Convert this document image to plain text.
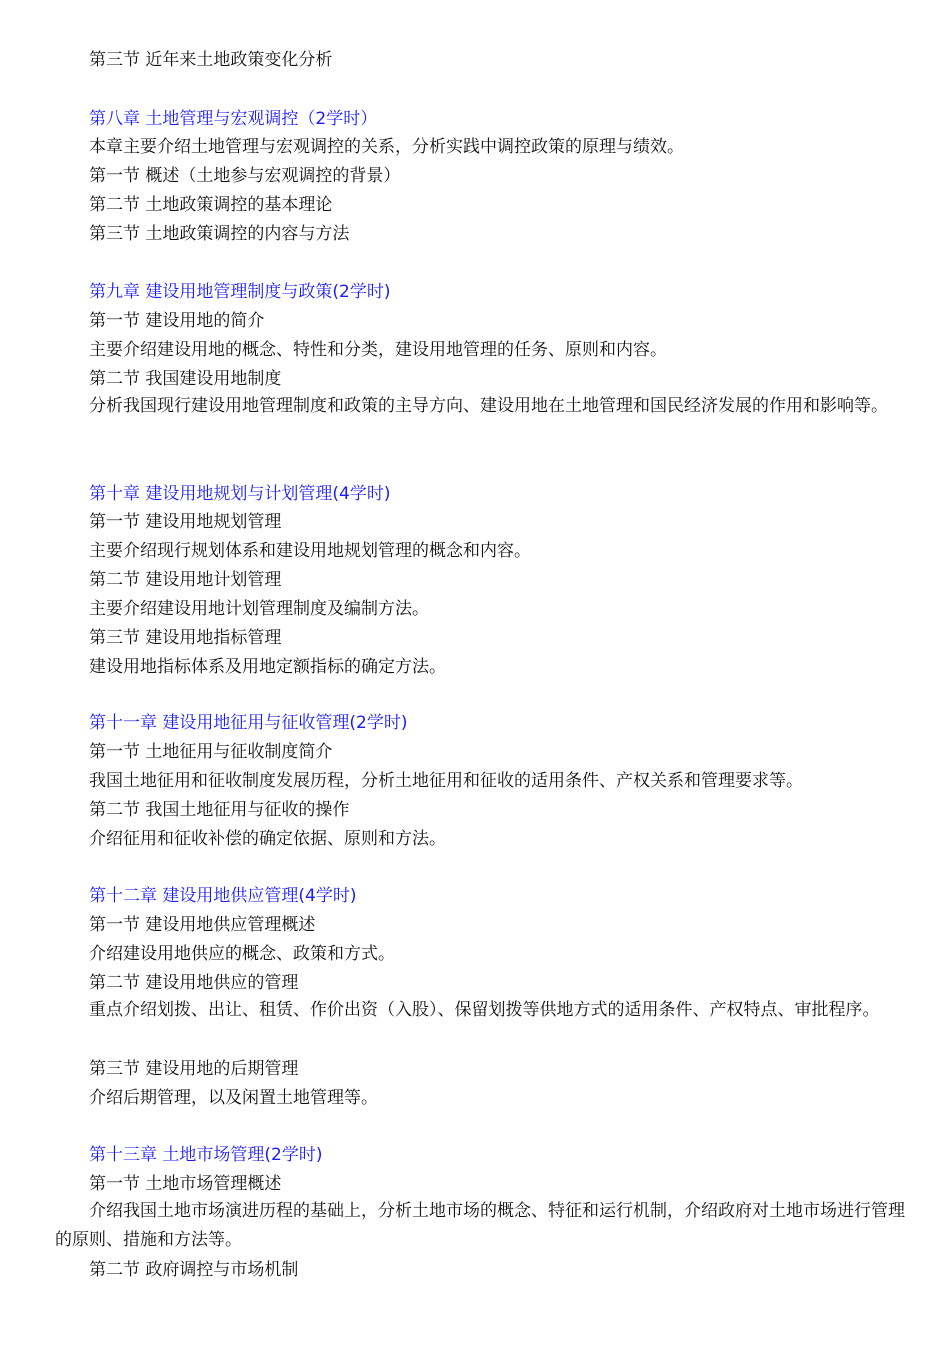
第三节 近年来土地政策变化分析
第八章 土地管理与宏观调控（2学时）
本章主要介绍土地管理与宏观调控的关系，分析实践中调控政策的原理与绩效。
第一节 概述（土地参与宏观调控的背景）
第二节 土地政策调控的基本理论
第三节 土地政策调控的内容与方法
第九章 建设用地管理制度与政策(2学时)
第一节 建设用地的简介
主要介绍建设用地的概念、特性和分类，建设用地管理的任务、原则和内容。
第二节 我国建设用地制度
分析我国现行建设用地管理制度和政策的主导方向、建设用地在土地管理和国民经济发展的作用和影响等。
第十章 建设用地规划与计划管理(4学时)
第一节 建设用地规划管理
主要介绍现行规划体系和建设用地规划管理的概念和内容。
第二节 建设用地计划管理
主要介绍建设用地计划管理制度及编制方法。
第三节 建设用地指标管理
建设用地指标体系及用地定额指标的确定方法。
第十一章 建设用地征用与征收管理(2学时)
第一节 土地征用与征收制度简介
我国土地征用和征收制度发展历程，分析土地征用和征收的适用条件、产权关系和管理要求等。
第二节 我国土地征用与征收的操作
介绍征用和征收补偿的确定依据、原则和方法。
第十二章 建设用地供应管理(4学时)
第一节 建设用地供应管理概述
介绍建设用地供应的概念、政策和方式。
第二节 建设用地供应的管理
重点介绍划拨、出让、租赁、作价出资（入股）、保留划拨等供地方式的适用条件、产权特点、审批程序。
第三节 建设用地的后期管理
介绍后期管理，以及闲置土地管理等。
第十三章 土地市场管理(2学时)
第一节 土地市场管理概述
介绍我国土地市场演进历程的基础上，分析土地市场的概念、特征和运行机制，介绍政府对土地市场进行管理的原则、措施和方法等。
第二节 政府调控与市场机制
